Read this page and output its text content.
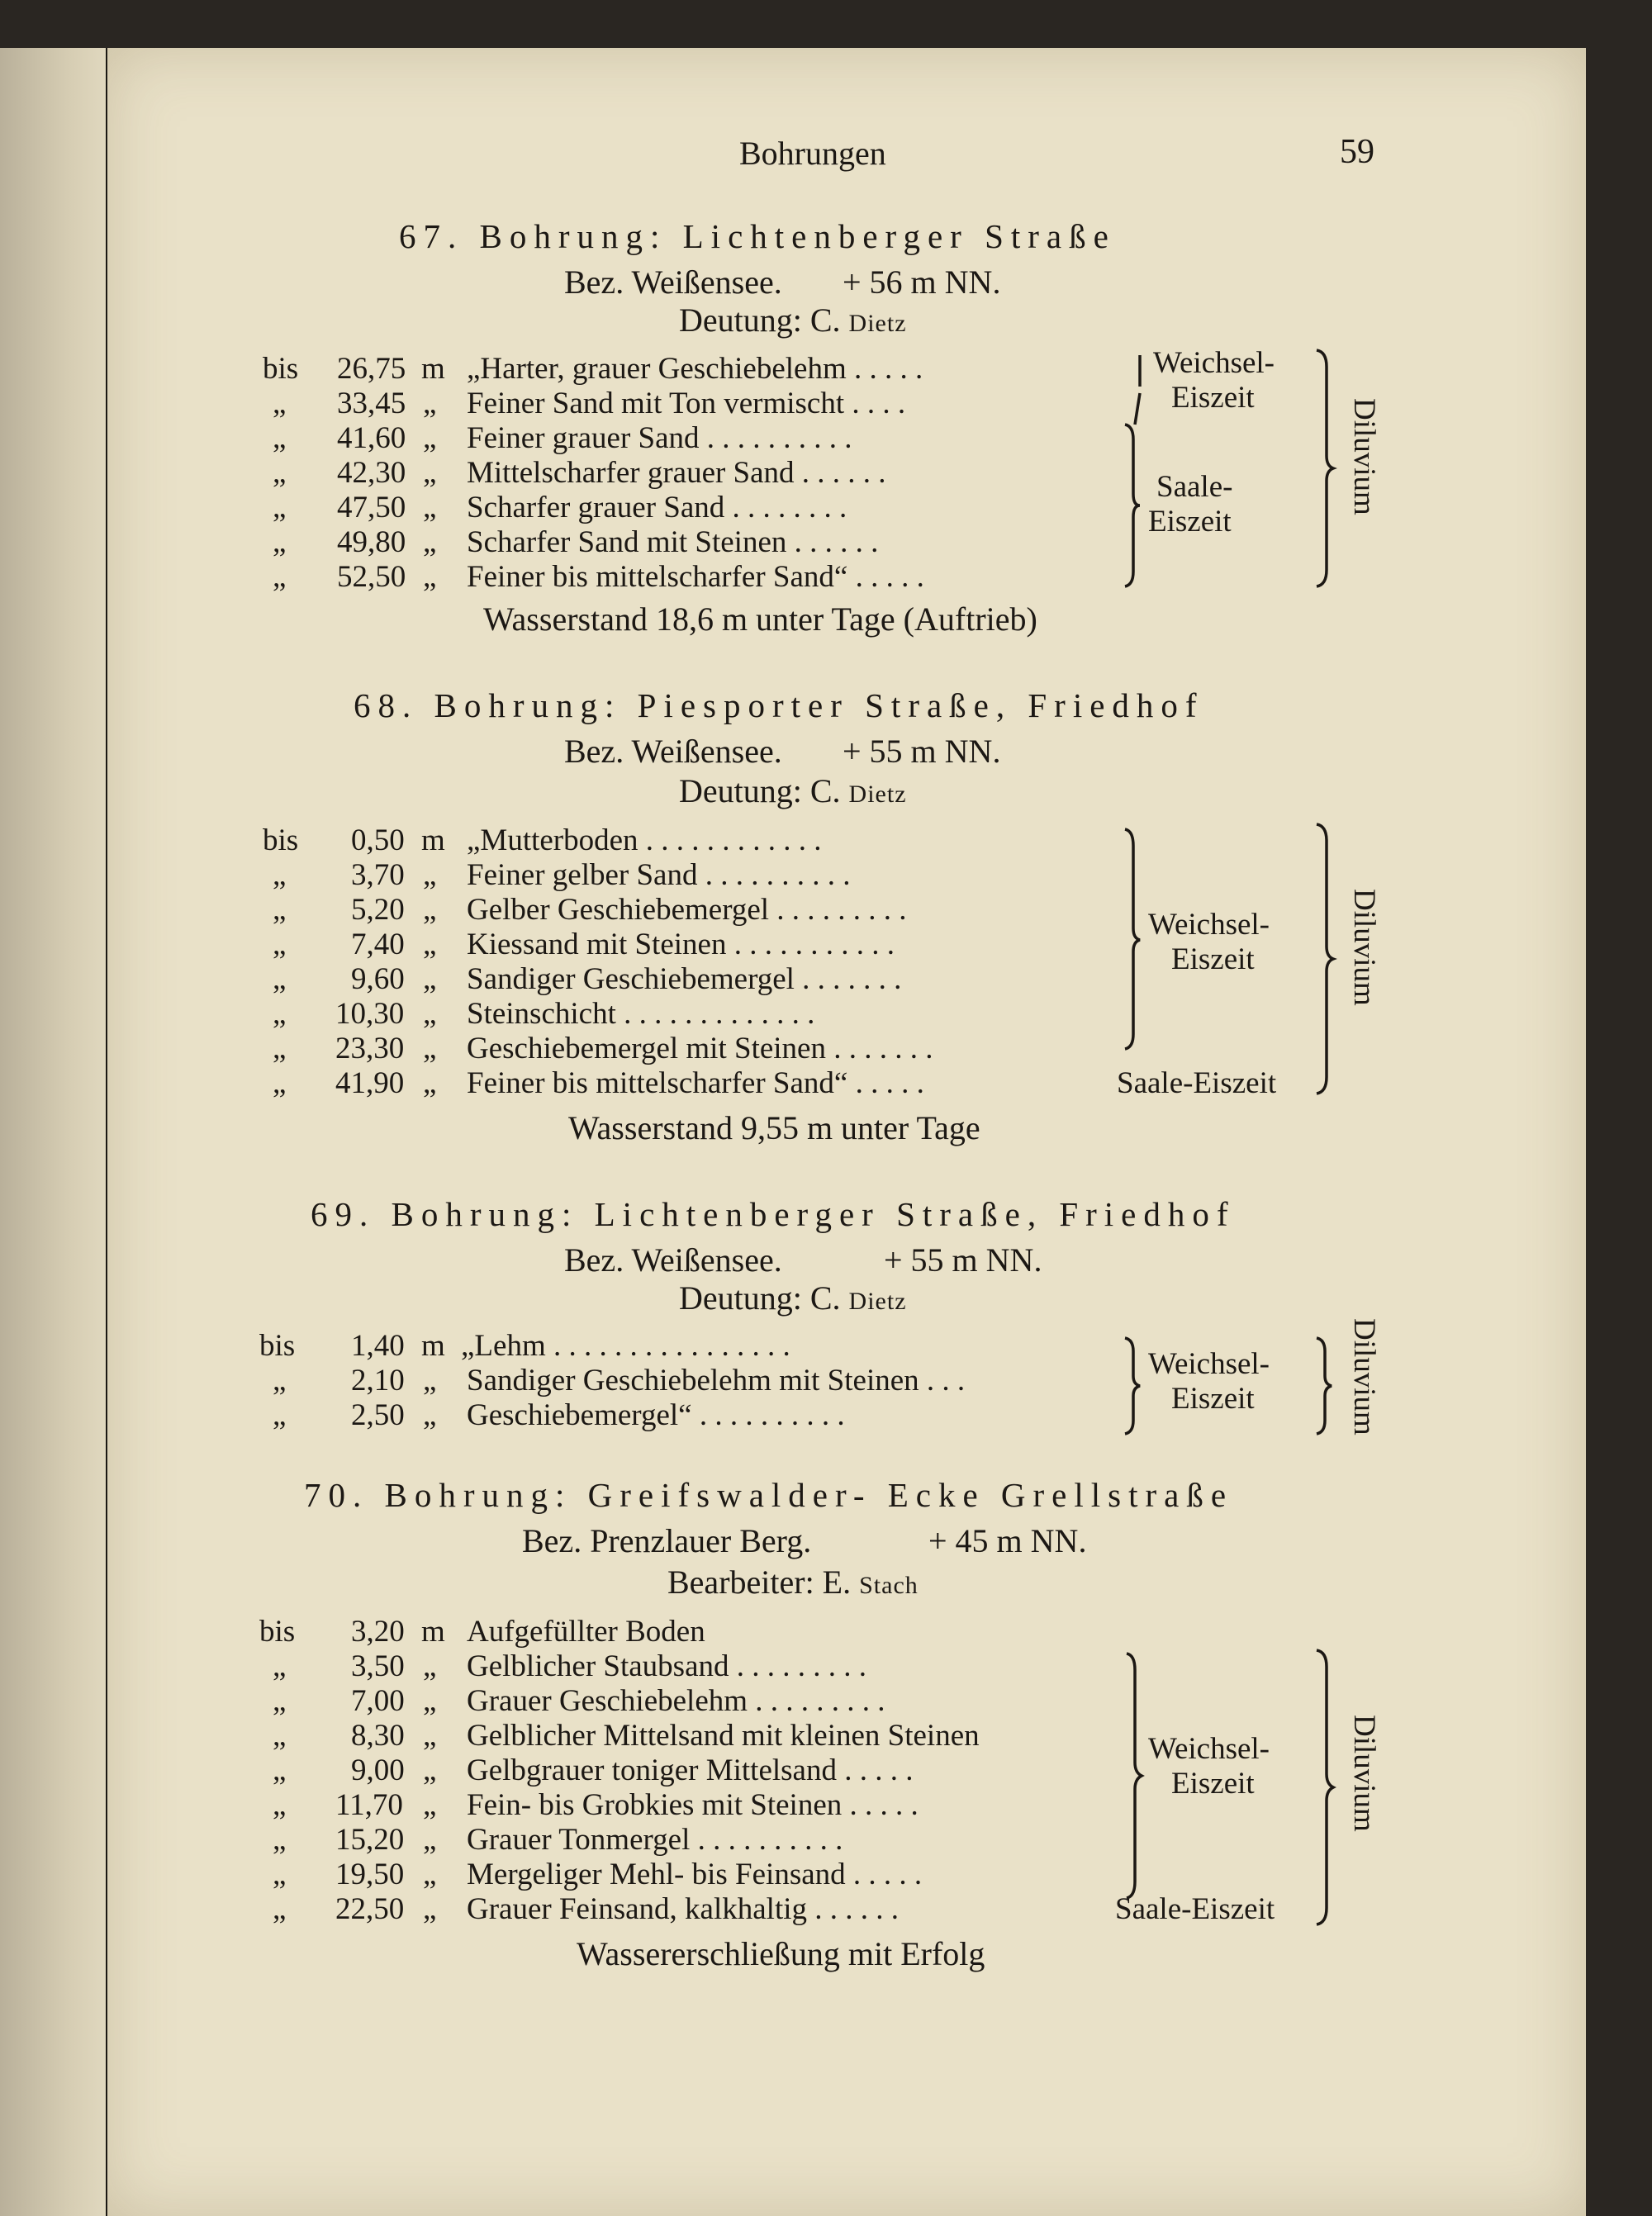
Bohrungen	59
67. Bohrung: Lichtenberger Straße
Bez. Weißensee. + 56 m NN.
Deutung: C. Dietz
bis 26,75 m „Harter, grauer Geschiebelehm . . . . .
„ 33,45 „ Feiner Sand mit Ton vermischt . . . .
„ 41,60 „ Feiner grauer Sand . . . . . . . . . .
„ 42,30 „ Mittelscharfer grauer Sand . . . . . .
„ 47,50 „ Scharfer grauer Sand . . . . . . . .
„ 49,80 „ Scharfer Sand mit Steinen . . . . . .
„ 52,50 „ Feiner bis mittelscharfer Sand“ . . . . .
Weichsel-
Eiszeit
Saale-
Eiszeit
Diluvium
Wasserstand 18,6 m unter Tage (Auftrieb)
68. Bohrung: Piesporter Straße, Friedhof
Bez. Weißensee. + 55 m NN.
Deutung: C. Dietz
bis 0,50 m „Mutterboden . . . . . . . . . . . .
„ 3,70 „ Feiner gelber Sand . . . . . . . . . .
„ 5,20 „ Gelber Geschiebemergel . . . . . . . . .
„ 7,40 „ Kiessand mit Steinen . . . . . . . . . . .
„ 9,60 „ Sandiger Geschiebemergel . . . . . . .
„ 10,30 „ Steinschicht . . . . . . . . . . . . .
„ 23,30 „ Geschiebemergel mit Steinen . . . . . . .
„ 41,90 „ Feiner bis mittelscharfer Sand“ . . . . .	Saale-Eiszeit
Weichsel-
Eiszeit	Diluvium
Wasserstand 9,55 m unter Tage
69. Bohrung: Lichtenberger Straße, Friedhof
Bez. Weißensee.	+ 55 m NN.
Deutung: C. Dietz
bis 1,40 m „Lehm . . . . . . . . . . . . . . . .
„ 2,10 „ Sandiger Geschiebelehm mit Steinen . . .
„ 2,50 „ Geschiebemergel“ . . . . . . . . . .
Weichsel-
Eiszeit	Diluvium
70. Bohrung: Greifswalder- Ecke Grellstraße
Bez. Prenzlauer Berg.	+ 45 m NN.
Bearbeiter: E. Stach
bis 3,20 m Aufgefüllter Boden
„ 3,50 „ Gelblicher Staubsand . . . . . . . . .
„ 7,00 „ Grauer Geschiebelehm . . . . . . . . .
„ 8,30 „ Gelblicher Mittelsand mit kleinen Steinen
„ 9,00 „ Gelbgrauer toniger Mittelsand . . . . .
„ 11,70 „ Fein- bis Grobkies mit Steinen . . . . .
„ 15,20 „ Grauer Tonmergel . . . . . . . . . .
„ 19,50 „ Mergeliger Mehl- bis Feinsand . . . . .
„ 22,50 „ Grauer Feinsand, kalkhaltig . . . . . .	Saale-Eiszeit
Weichsel-
Eiszeit	Diluvium
Wassererschließung mit Erfolg
